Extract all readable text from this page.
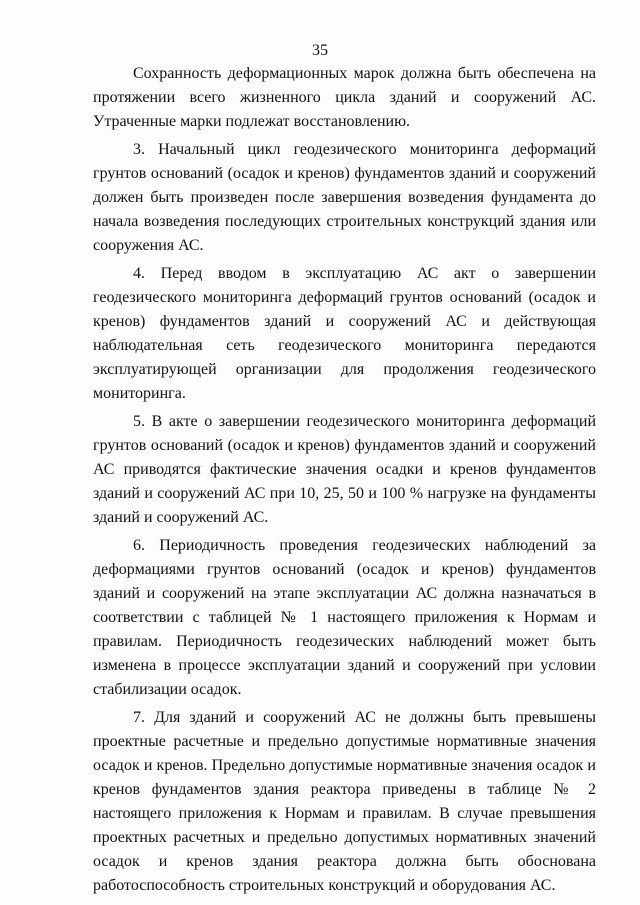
35

Сохранность деформационных марок должна быть обеспечена на протяжении всего жизненного цикла зданий и сооружений АС. Утраченные марки подлежат восстановлению.

3. Начальный цикл геодезического мониторинга деформаций грунтов оснований (осадок и кренов) фундаментов зданий и сооружений должен быть произведен после завершения возведения фундамента до начала возведения последующих строительных конструкций здания или сооружения АС.

4. Перед вводом в эксплуатацию АС акт о завершении геодезического мониторинга деформаций грунтов оснований (осадок и кренов) фундаментов зданий и сооружений АС и действующая наблюдательная сеть геодезического мониторинга передаются эксплуатирующей организации для продолжения геодезического мониторинга.

5. В акте о завершении геодезического мониторинга деформаций грунтов оснований (осадок и кренов) фундаментов зданий и сооружений АС приводятся фактические значения осадки и кренов фундаментов зданий и сооружений АС при 10, 25, 50 и 100 % нагрузке на фундаменты зданий и сооружений АС.

6. Периодичность проведения геодезических наблюдений за деформациями грунтов оснований (осадок и кренов) фундаментов зданий и сооружений на этапе эксплуатации АС должна назначаться в соответствии с таблицей № 1 настоящего приложения к Нормам и правилам. Периодичность геодезических наблюдений может быть изменена в процессе эксплуатации зданий и сооружений при условии стабилизации осадок.

7. Для зданий и сооружений АС не должны быть превышены проектные расчетные и предельно допустимые нормативные значения осадок и кренов. Предельно допустимые нормативные значения осадок и кренов фундаментов здания реактора приведены в таблице № 2 настоящего приложения к Нормам и правилам. В случае превышения проектных расчетных и предельно допустимых нормативных значений осадок и кренов здания реактора должна быть обоснована работоспособность строительных конструкций и оборудования АС.
